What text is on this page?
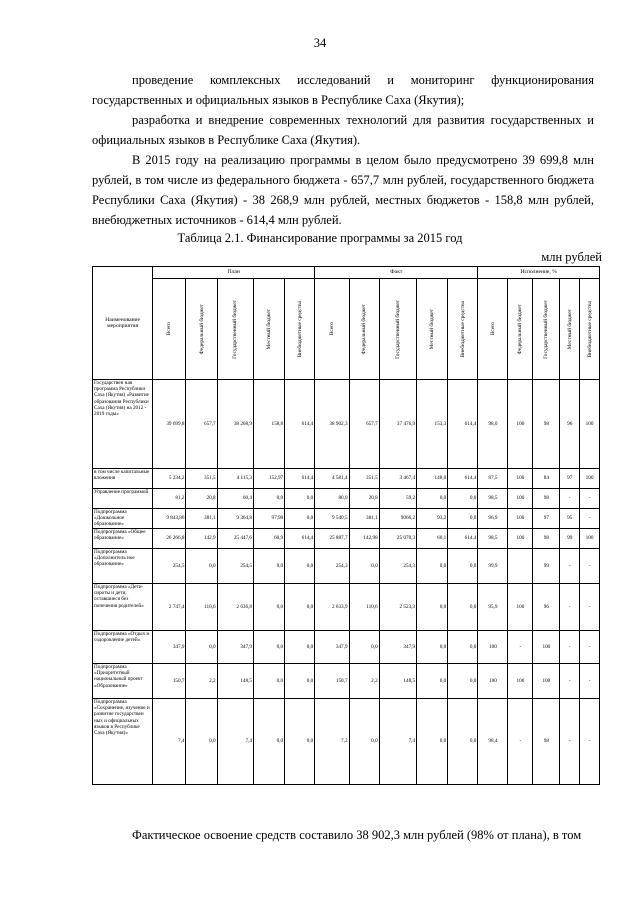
34

проведение комплексных исследований и мониторинг функционирования государственных и официальных языков в Республике Саха (Якутия);

разработка и внедрение современных технологий для развития государственных и официальных языков в Республике Саха (Якутия).

В 2015 году на реализацию программы в целом было предусмотрено 39 699,8 млн рублей, в том числе из федерального бюджета - 657,7 млн рублей, государственного бюджета Республики Саха (Якутия) - 38 268,9 млн рублей, местных бюджетов - 158,8 млн рублей, внебюджетных источников - 614,4 млн рублей.

Таблица 2.1. Финансирование программы за 2015 год
млн рублей
Наименование мероприятия	План					Факт					Исполнение, %				

	Всего	Федеральный бюджет	Государственный бюджет	Местный бюджет	Внебюджетные средства	Всего	Федеральный бюджет	Государственный бюджет	Местный бюджет	Внебюджетные средства	Всего	Федеральный бюджет	Государственный бюджет	Местный бюджет	Внебюджетные средства

Государствен ная программа Республики Саха (Якутия) «Развитие образования Республики Саха (Якутия) на 2012 - 2019 годы»	39 699,8	657,7	38 268,9	158,8	614,4	38 902,3	657,7	37 476,9	153,3	614,4	98,0	100	98	96	100
в том числе капитальные вложения	5 234,2	351,5	4 115,3	152,97	614,4	4 581,4	351,5	3 467,4	148,0	614,4	87,5	100	84	97	100
Управление программой	81,2	20,8	60,4	0,0	0,0	80,0	20,8	59,2	0,0	0,0	98,5	100	98	-	-
Подпрограмма «Дошкольное образование»	9 843,86	381,1	9 364,8	97,98	0,0	9 540,5	381,1	9066,2	93,2	0,0	96,9	100	97	95	-
Подпрограмма «Общее образование»	26 266,8	142,9	25 447,6	60,9	614,4	25 887,7	142,98	25 070,3	60,1	614,4	98,5	100	98	99	100
Подпрограмма «Дополнитель ное образование»	254,5	0,0	254,5	0,0	0,0	254,3	0,0	254,3	0,0	0,0	99,9		99	-	-
Подпрограмма «Дети-сироты и дети, оставшиеся без попечения родителей»	2 747,4	110,6	2 636,8	0,0	0,0	2 633,9	110,6	2 523,3	0,0	0,0	95,9	100	96	-	-
Подпрограмма «Отдых и оздоровление детей»	347,9	0,0	347,9	0,0	0,0	347,9	0,0	347,9	0,0	0,0	100	-	100	-	-
Подпрограмма «Приоритетный национальный проект «Образование»	150,7	2,2	148,5	0,0	0,0	150,7	2,2	148,5	0,0	0,0	100	100	100	-	-
Подпрограмма «Сохранение, изучение и развитие государствен ных и официальных языков в Республике Саха (Якутия)»	7,4	0,0	7,4	0,0	0,0	7,2	0,0	7,4	0,0	0,0	98,4	-	98	-	-

Фактическое освоение средств составило 38 902,3 млн рублей (98% от плана), в том
